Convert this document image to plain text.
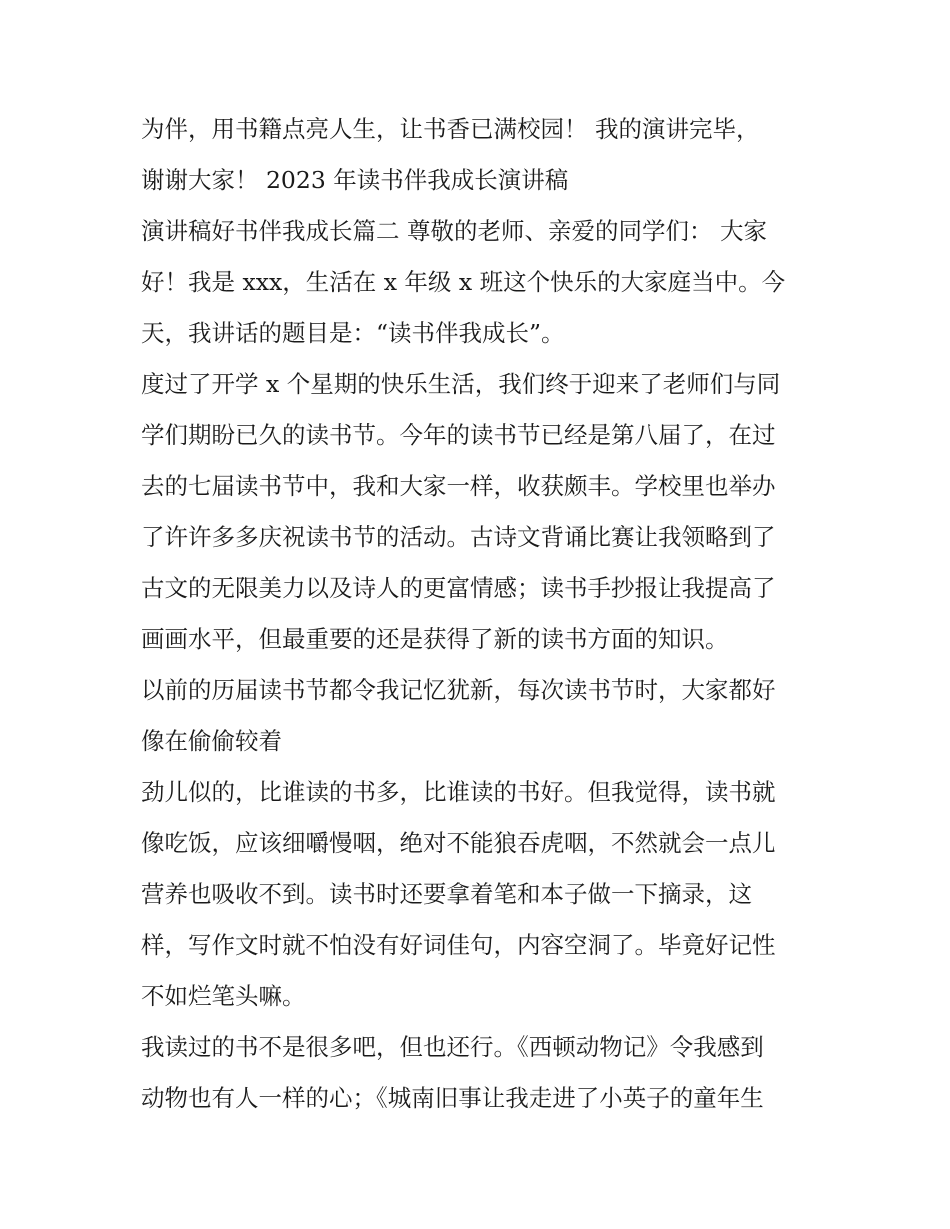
为伴，用书籍点亮人生，让书香已满校园！ 我的演讲完毕，
谢谢大家！ 2023 年读书伴我成长演讲稿
演讲稿好书伴我成长篇二 尊敬的老师、亲爱的同学们： 大家
好！我是 xxx，生活在 x 年级 x 班这个快乐的大家庭当中。今
天，我讲话的题目是：“读书伴我成长”。
度过了开学 x 个星期的快乐生活，我们终于迎来了老师们与同
学们期盼已久的读书节。今年的读书节已经是第八届了，在过
去的七届读书节中，我和大家一样，收获颇丰。学校里也举办
了许许多多庆祝读书节的活动。古诗文背诵比赛让我领略到了
古文的无限美力以及诗人的更富情感；读书手抄报让我提高了
画画水平，但最重要的还是获得了新的读书方面的知识。
以前的历届读书节都令我记忆犹新，每次读书节时，大家都好
像在偷偷较着
劲儿似的，比谁读的书多，比谁读的书好。但我觉得，读书就
像吃饭，应该细嚼慢咽，绝对不能狼吞虎咽，不然就会一点儿
营养也吸收不到。读书时还要拿着笔和本子做一下摘录，这
样，写作文时就不怕没有好词佳句，内容空洞了。毕竟好记性
不如烂笔头嘛。
我读过的书不是很多吧，但也还行。《西顿动物记》令我感到
动物也有人一样的心；《城南旧事让我走进了小英子的童年生
